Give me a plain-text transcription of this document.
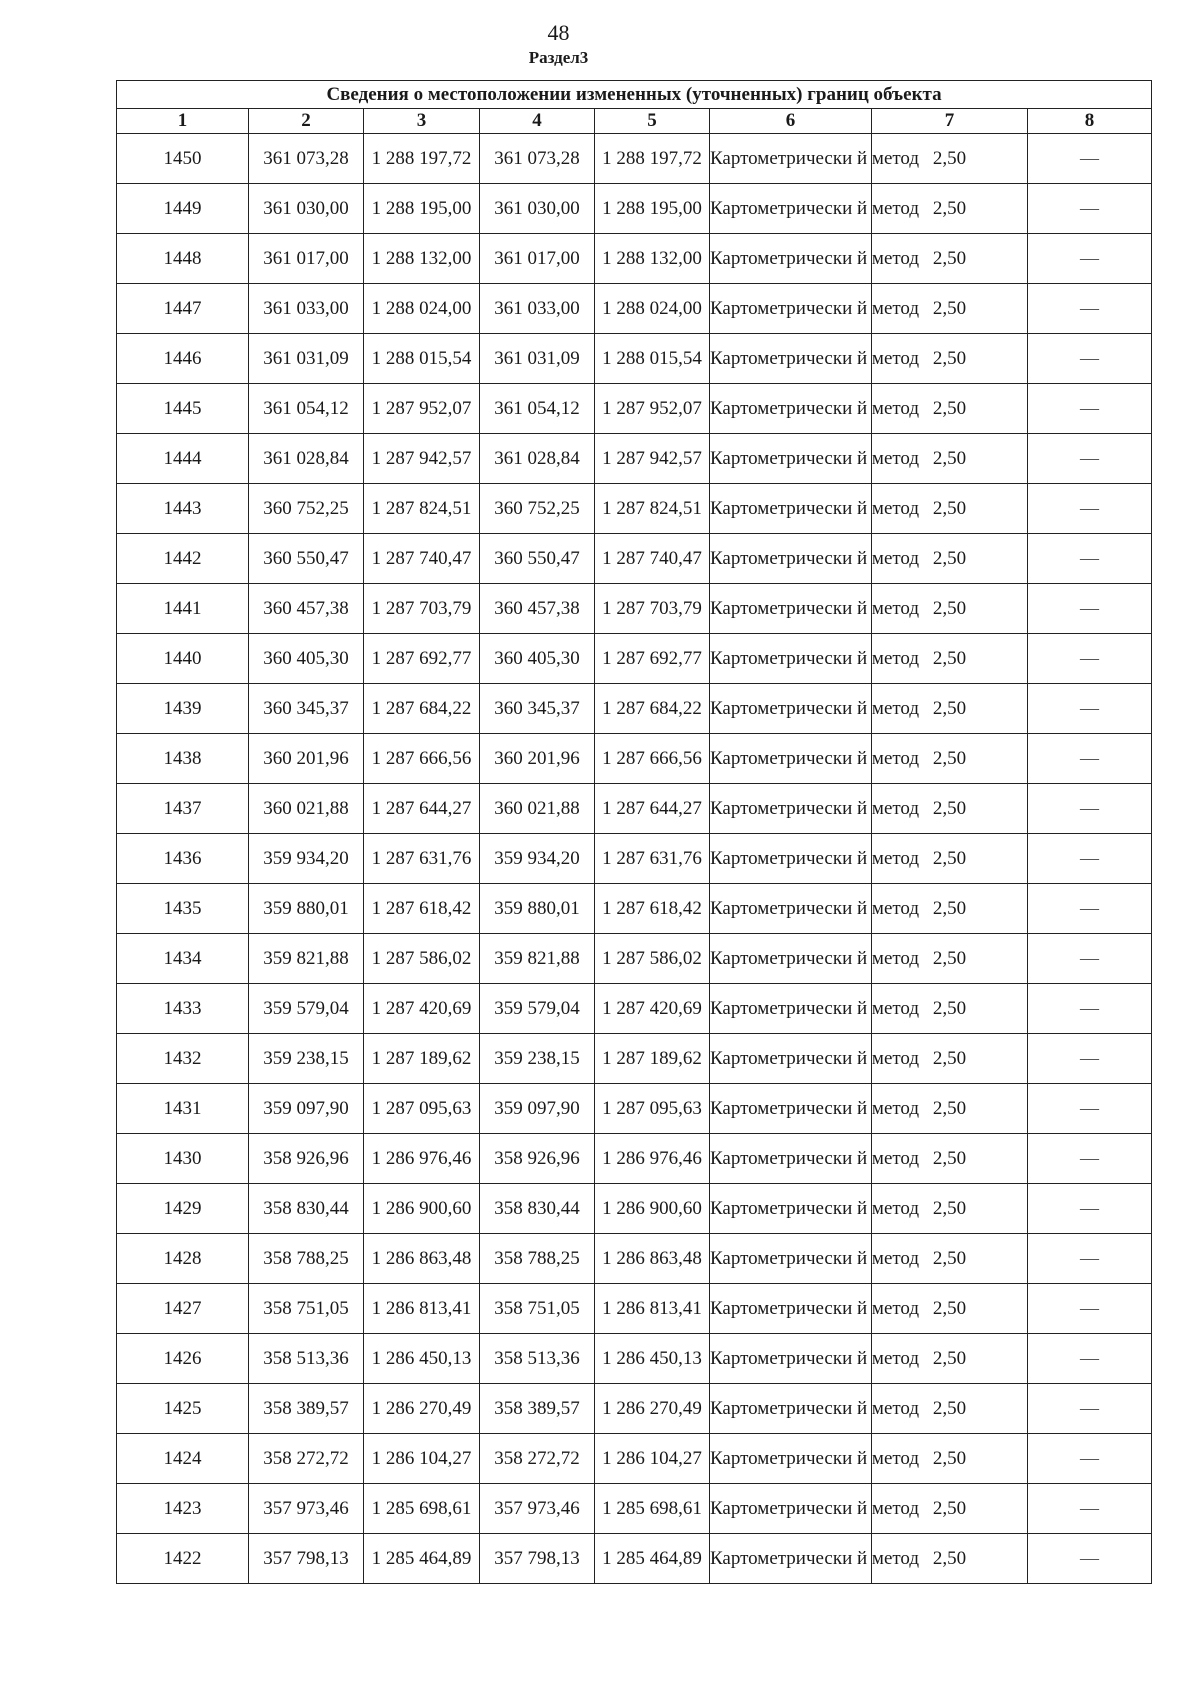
48
Раздел3
Сведения о местоположении измененных (уточненных) границ объекта							
1	2	3	4	5	6	7	8
1450	361 073,28	1 288 197,72	361 073,28	1 288 197,72	Картометрически й метод	2,50	—
1449	361 030,00	1 288 195,00	361 030,00	1 288 195,00	Картометрически й метод	2,50	—
1448	361 017,00	1 288 132,00	361 017,00	1 288 132,00	Картометрически й метод	2,50	—
1447	361 033,00	1 288 024,00	361 033,00	1 288 024,00	Картометрически й метод	2,50	—
1446	361 031,09	1 288 015,54	361 031,09	1 288 015,54	Картометрически й метод	2,50	—
1445	361 054,12	1 287 952,07	361 054,12	1 287 952,07	Картометрически й метод	2,50	—
1444	361 028,84	1 287 942,57	361 028,84	1 287 942,57	Картометрически й метод	2,50	—
1443	360 752,25	1 287 824,51	360 752,25	1 287 824,51	Картометрически й метод	2,50	—
1442	360 550,47	1 287 740,47	360 550,47	1 287 740,47	Картометрически й метод	2,50	—
1441	360 457,38	1 287 703,79	360 457,38	1 287 703,79	Картометрически й метод	2,50	—
1440	360 405,30	1 287 692,77	360 405,30	1 287 692,77	Картометрически й метод	2,50	—
1439	360 345,37	1 287 684,22	360 345,37	1 287 684,22	Картометрически й метод	2,50	—
1438	360 201,96	1 287 666,56	360 201,96	1 287 666,56	Картометрически й метод	2,50	—
1437	360 021,88	1 287 644,27	360 021,88	1 287 644,27	Картометрически й метод	2,50	—
1436	359 934,20	1 287 631,76	359 934,20	1 287 631,76	Картометрически й метод	2,50	—
1435	359 880,01	1 287 618,42	359 880,01	1 287 618,42	Картометрически й метод	2,50	—
1434	359 821,88	1 287 586,02	359 821,88	1 287 586,02	Картометрически й метод	2,50	—
1433	359 579,04	1 287 420,69	359 579,04	1 287 420,69	Картометрически й метод	2,50	—
1432	359 238,15	1 287 189,62	359 238,15	1 287 189,62	Картометрически й метод	2,50	—
1431	359 097,90	1 287 095,63	359 097,90	1 287 095,63	Картометрически й метод	2,50	—
1430	358 926,96	1 286 976,46	358 926,96	1 286 976,46	Картометрически й метод	2,50	—
1429	358 830,44	1 286 900,60	358 830,44	1 286 900,60	Картометрически й метод	2,50	—
1428	358 788,25	1 286 863,48	358 788,25	1 286 863,48	Картометрически й метод	2,50	—
1427	358 751,05	1 286 813,41	358 751,05	1 286 813,41	Картометрически й метод	2,50	—
1426	358 513,36	1 286 450,13	358 513,36	1 286 450,13	Картометрически й метод	2,50	—
1425	358 389,57	1 286 270,49	358 389,57	1 286 270,49	Картометрически й метод	2,50	—
1424	358 272,72	1 286 104,27	358 272,72	1 286 104,27	Картометрически й метод	2,50	—
1423	357 973,46	1 285 698,61	357 973,46	1 285 698,61	Картометрически й метод	2,50	—
1422	357 798,13	1 285 464,89	357 798,13	1 285 464,89	Картометрически й метод	2,50	—
